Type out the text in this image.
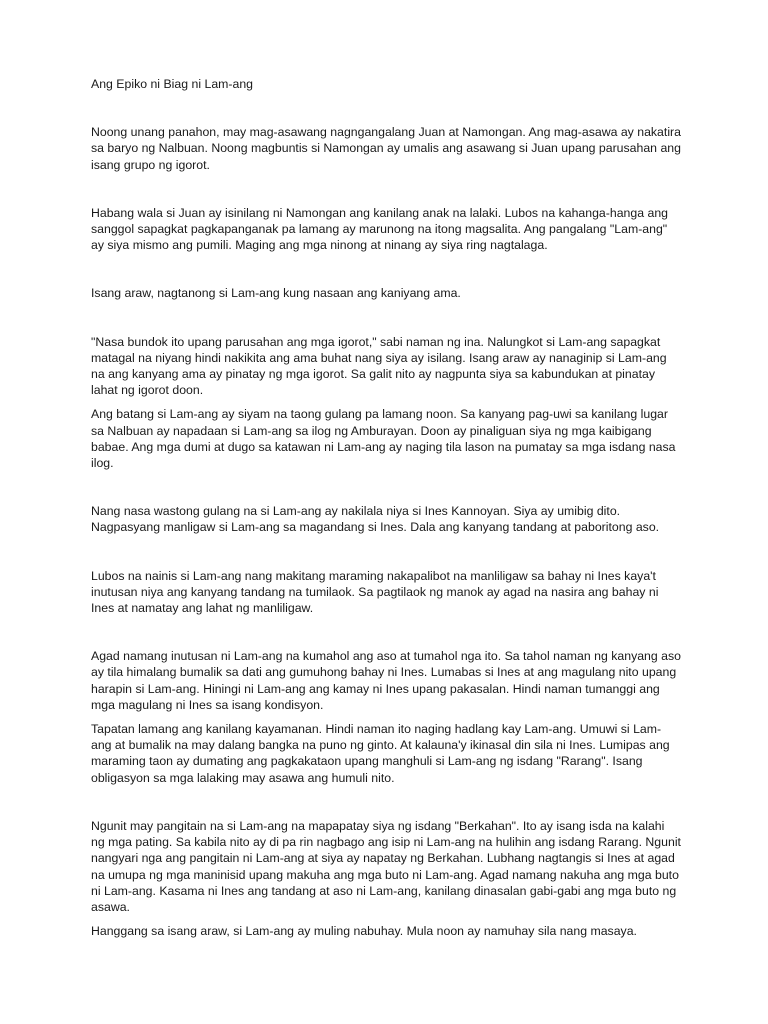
Ang Epiko ni Biag ni Lam-ang

Noong unang panahon, may mag-asawang nagngangalang Juan at Namongan. Ang mag-asawa ay nakatira sa baryo ng Nalbuan. Noong magbuntis si Namongan ay umalis ang asawang si Juan upang parusahan ang isang grupo ng igorot.

Habang wala si Juan ay isinilang ni Namongan ang kanilang anak na lalaki. Lubos na kahanga-hanga ang sanggol sapagkat pagkapanganak pa lamang ay marunong na itong magsalita. Ang pangalang "Lam-ang" ay siya mismo ang pumili. Maging ang mga ninong at ninang ay siya ring nagtalaga.

Isang araw, nagtanong si Lam-ang kung nasaan ang kaniyang ama.

"Nasa bundok ito upang parusahan ang mga igorot," sabi naman ng ina. Nalungkot si Lam-ang sapagkat matagal na niyang hindi nakikita ang ama buhat nang siya ay isilang. Isang araw ay nanaginip si Lam-ang na ang kanyang ama ay pinatay ng mga igorot. Sa galit nito ay nagpunta siya sa kabundukan at pinatay lahat ng igorot doon.

Ang batang si Lam-ang ay siyam na taong gulang pa lamang noon. Sa kanyang pag-uwi sa kanilang lugar sa Nalbuan ay napadaan si Lam-ang sa ilog ng Amburayan. Doon ay pinaliguan siya ng mga kaibigang babae. Ang mga dumi at dugo sa katawan ni Lam-ang ay naging tila lason na pumatay sa mga isdang nasa ilog.

Nang nasa wastong gulang na si Lam-ang ay nakilala niya si Ines Kannoyan. Siya ay umibig dito. Nagpasyang manligaw si Lam-ang sa magandang si Ines. Dala ang kanyang tandang at paboritong aso.

Lubos na nainis si Lam-ang nang makitang maraming nakapalibot na manliligaw sa bahay ni Ines kaya't inutusan niya ang kanyang tandang na tumilaok. Sa pagtilaok ng manok ay agad na nasira ang bahay ni Ines at namatay ang lahat ng manliligaw.

Agad namang inutusan ni Lam-ang na kumahol ang aso at tumahol nga ito. Sa tahol naman ng kanyang aso ay tila himalang bumalik sa dati ang gumuhong bahay ni Ines. Lumabas si Ines at ang magulang nito upang harapin si Lam-ang. Hiningi ni Lam-ang ang kamay ni Ines upang pakasalan. Hindi naman tumanggi ang mga magulang ni Ines sa isang kondisyon.

Tapatan lamang ang kanilang kayamanan. Hindi naman ito naging hadlang kay Lam-ang. Umuwi si Lam-ang at bumalik na may dalang bangka na puno ng ginto. At kalauna'y ikinasal din sila ni Ines. Lumipas ang maraming taon ay dumating ang pagkakataon upang manghuli si Lam-ang ng isdang "Rarang". Isang obligasyon sa mga lalaking may asawa ang humuli nito.

Ngunit may pangitain na si Lam-ang na mapapatay siya ng isdang "Berkahan". Ito ay isang isda na kalahi ng mga pating. Sa kabila nito ay di pa rin nagbago ang isip ni Lam-ang na hulihin ang isdang Rarang. Ngunit nangyari nga ang pangitain ni Lam-ang at siya ay napatay ng Berkahan. Lubhang nagtangis si Ines at agad na umupa ng mga maninisid upang makuha ang mga buto ni Lam-ang. Agad namang nakuha ang mga buto ni Lam-ang. Kasama ni Ines ang tandang at aso ni Lam-ang, kanilang dinasalan gabi-gabi ang mga buto ng asawa.

Hanggang sa isang araw, si Lam-ang ay muling nabuhay. Mula noon ay namuhay sila nang masaya.
